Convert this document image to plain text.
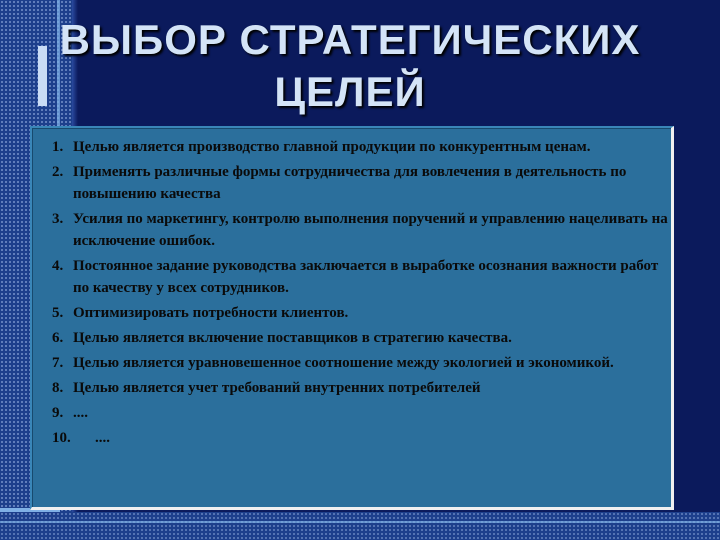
ВЫБОР СТРАТЕГИЧЕСКИХ ЦЕЛЕЙ
1. Целью является производство главной продукции по конкурентным ценам.
2. Применять различные формы сотрудничества для вовлечения в деятельность по повышению качества
3. Усилия по маркетингу, контролю выполнения поручений и управлению нацеливать на исключение ошибок.
4. Постоянное задание руководства заключается в выработке осознания важности работ по качеству у всех сотрудников.
5. Оптимизировать потребности клиентов.
6. Целью является включение поставщиков в стратегию качества.
7. Целью является уравновешенное соотношение между экологией и экономикой.
8. Целью является учет требований внутренних потребителей
9. ....
10.	....
